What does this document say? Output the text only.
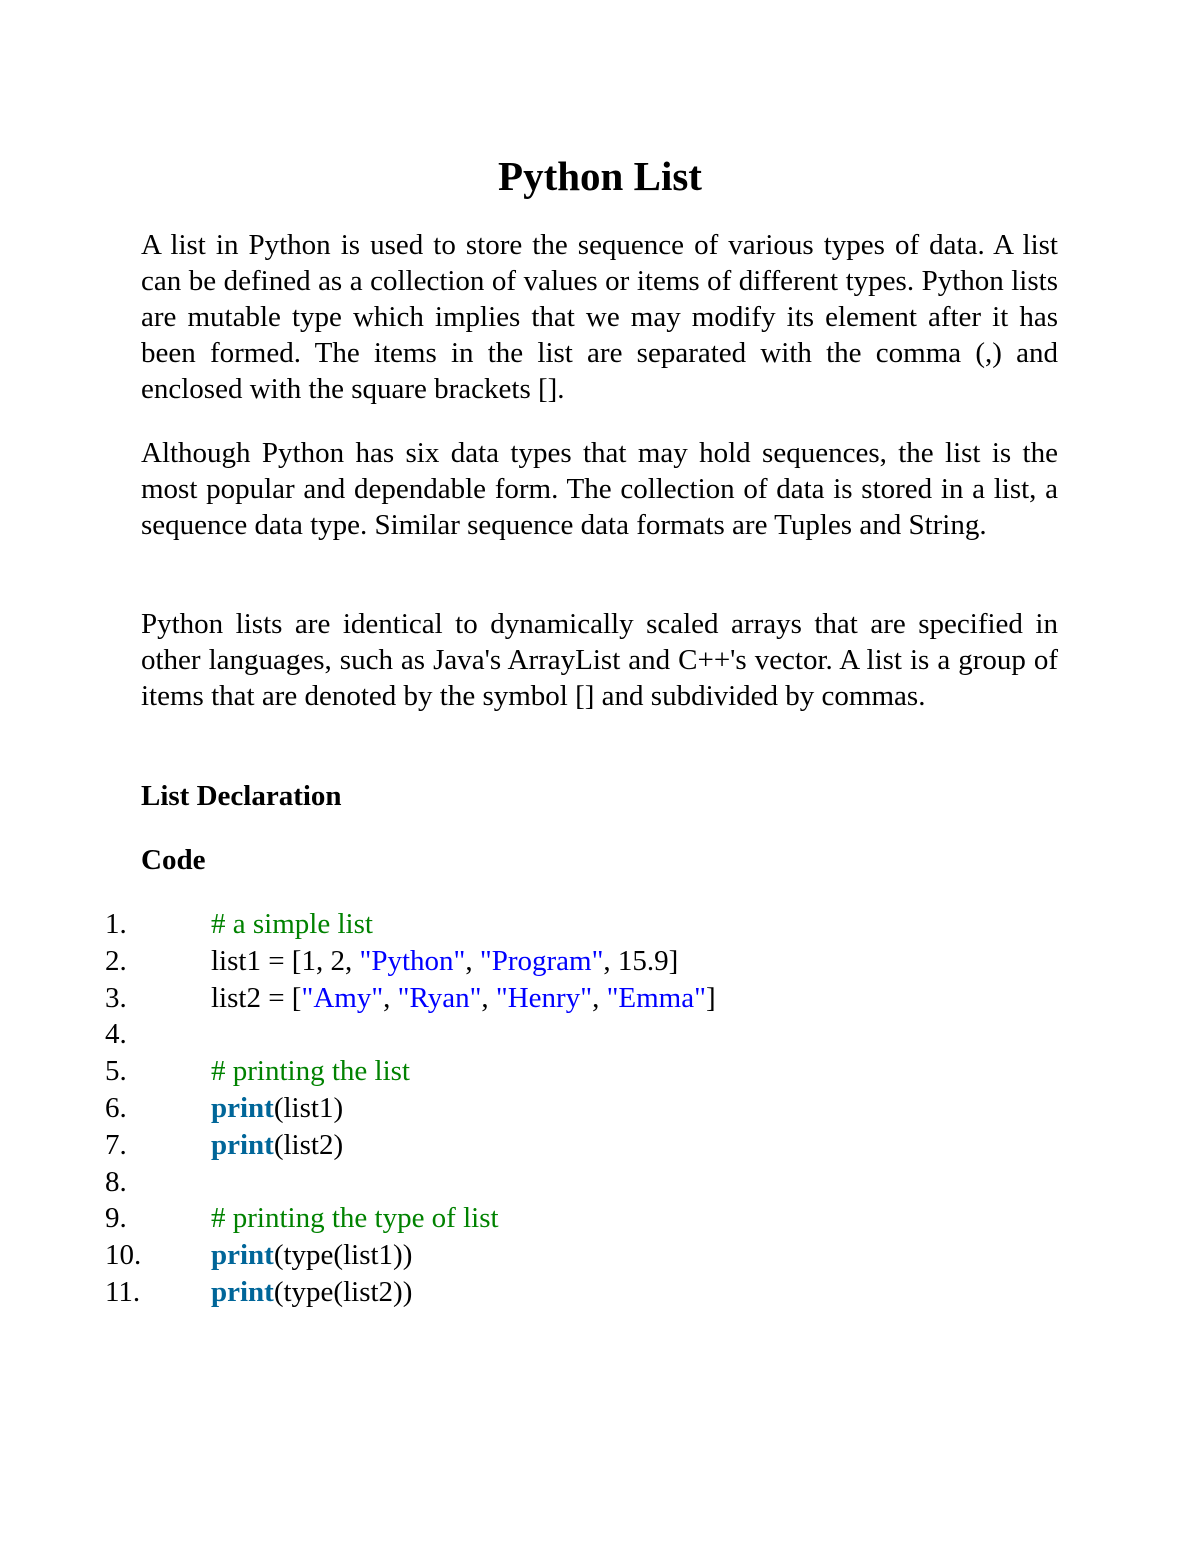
Python List

A list in Python is used to store the sequence of various types of data. A list can be defined as a collection of values or items of different types. Python lists are mutable type which implies that we may modify its element after it has been formed. The items in the list are separated with the comma (,) and enclosed with the square brackets [].

Although Python has six data types that may hold sequences, the list is the most popular and dependable form. The collection of data is stored in a list, a sequence data type. Similar sequence data formats are Tuples and String.

Python lists are identical to dynamically scaled arrays that are specified in other languages, such as Java's ArrayList and C++'s vector. A list is a group of items that are denoted by the symbol [] and subdivided by commas.

List Declaration
Code
1.	# a simple list
2.	list1 = [1, 2, "Python", "Program", 15.9]
3.	list2 = ["Amy", "Ryan", "Henry", "Emma"]
4.
5.	# printing the list
6.	print(list1)
7.	print(list2)
8.
9.	# printing the type of list
10. print(type(list1))
11. print(type(list2))
